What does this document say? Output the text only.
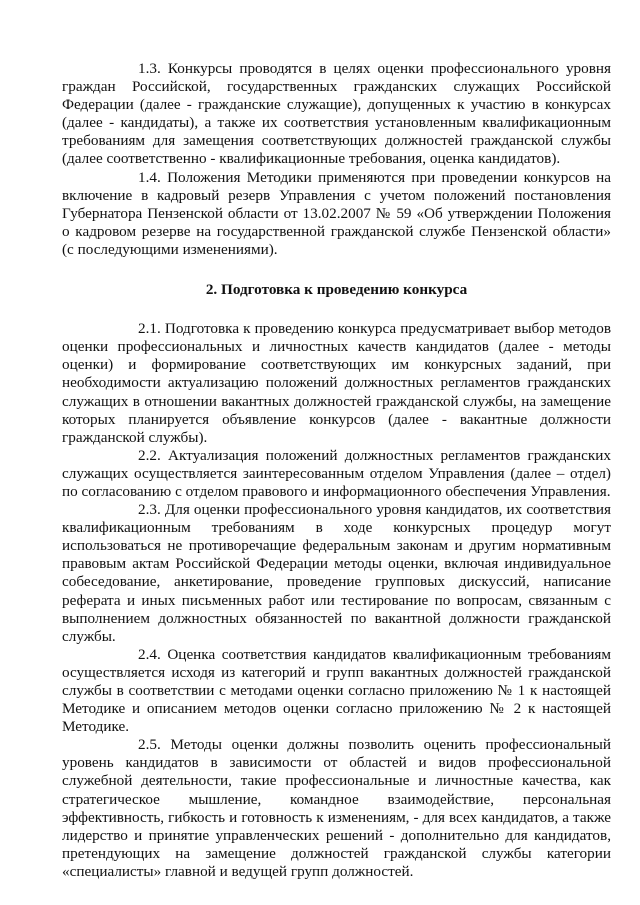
1.3. Конкурсы проводятся в целях оценки профессионального уровня граждан Российской, государственных гражданских служащих Российской Федерации (далее - гражданские служащие), допущенных к участию в конкурсах (далее - кандидаты), а также их соответствия установленным квалификационным требованиям для замещения соответствующих должностей гражданской службы (далее соответственно - квалификационные требования, оценка кандидатов).

1.4. Положения Методики применяются при проведении конкурсов на включение в кадровый резерв Управления с учетом положений постановления Губернатора Пензенской области от 13.02.2007 № 59 «Об утверждении Положения о кадровом резерве на государственной гражданской службе Пензенской области» (с последующими изменениями).

2. Подготовка к проведению конкурса

2.1. Подготовка к проведению конкурса предусматривает выбор методов оценки профессиональных и личностных качеств кандидатов (далее - методы оценки) и формирование соответствующих им конкурсных заданий, при необходимости актуализацию положений должностных регламентов гражданских служащих в отношении вакантных должностей гражданской службы, на замещение которых планируется объявление конкурсов (далее - вакантные должности гражданской службы).

2.2. Актуализация положений должностных регламентов гражданских служащих осуществляется заинтересованным отделом Управления (далее – отдел) по согласованию с отделом правового и информационного обеспечения Управления.

2.3. Для оценки профессионального уровня кандидатов, их соответствия квалификационным требованиям в ходе конкурсных процедур могут использоваться не противоречащие федеральным законам и другим нормативным правовым актам Российской Федерации методы оценки, включая индивидуальное собеседование, анкетирование, проведение групповых дискуссий, написание реферата и иных письменных работ или тестирование по вопросам, связанным с выполнением должностных обязанностей по вакантной должности гражданской службы.

2.4. Оценка соответствия кандидатов квалификационным требованиям осуществляется исходя из категорий и групп вакантных должностей гражданской службы в соответствии с методами оценки согласно приложению № 1 к настоящей Методике и описанием методов оценки согласно приложению № 2 к настоящей Методике.

2.5. Методы оценки должны позволить оценить профессиональный уровень кандидатов в зависимости от областей и видов профессиональной служебной деятельности, такие профессиональные и личностные качества, как стратегическое мышление, командное взаимодействие, персональная эффективность, гибкость и готовность к изменениям, - для всех кандидатов, а также лидерство и принятие управленческих решений - дополнительно для кандидатов, претендующих на замещение должностей гражданской службы категории «специалисты» главной и ведущей групп должностей.
